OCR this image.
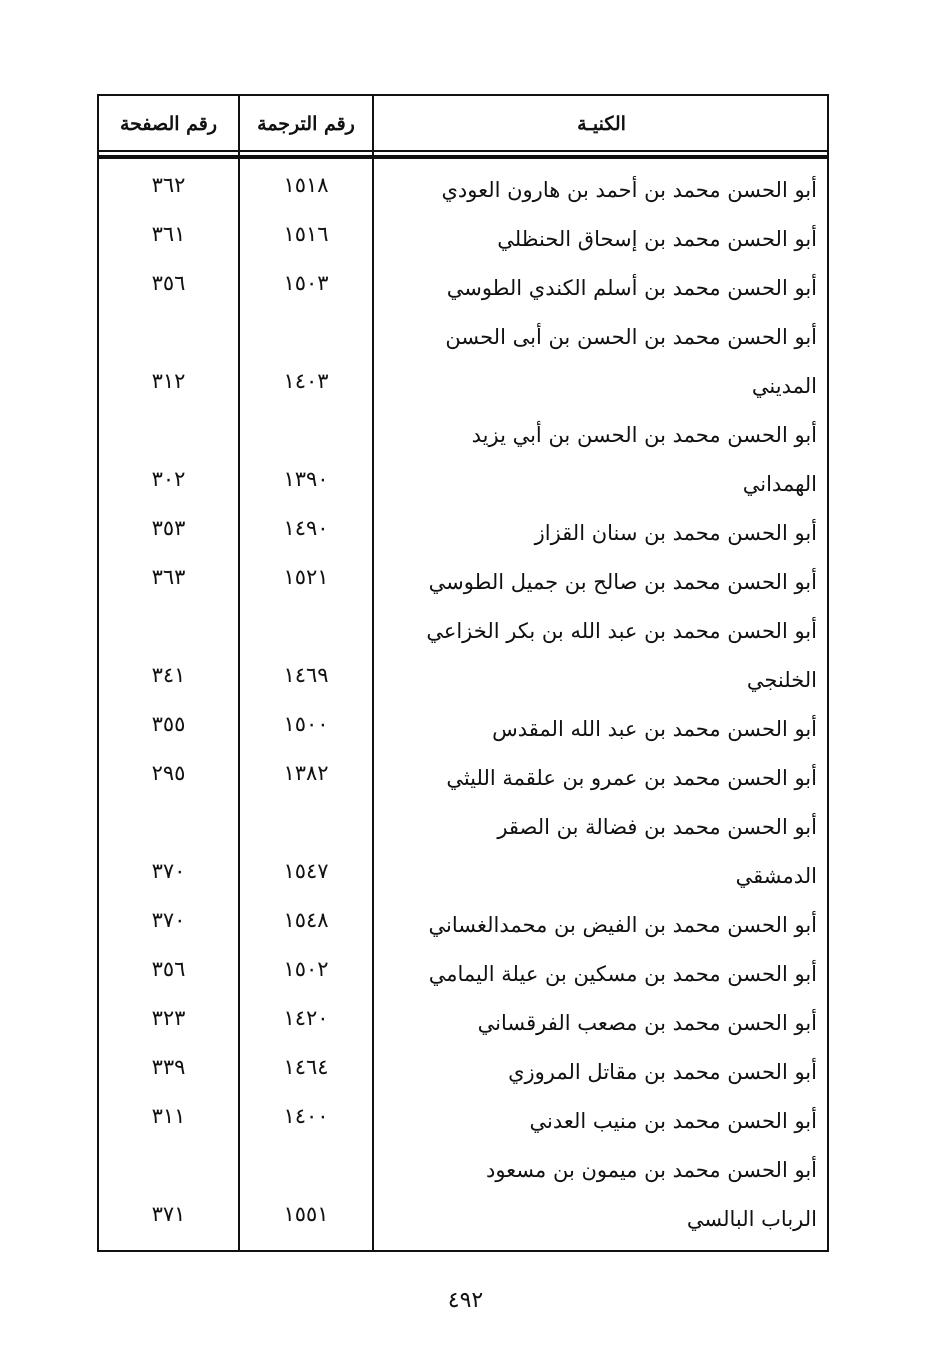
الكنيـة
رقم الترجمة
رقم الصفحة
أبو الحسن محمد بن أحمد بن هارون العودي
١٥١٨
٣٦٢
أبو الحسن محمد بن إسحاق الحنظلي
١٥١٦
٣٦١
أبو الحسن محمد بن أسلم الكندي الطوسي
١٥٠٣
٣٥٦
أبو الحسن محمد بن الحسن بن أبى الحسن
المديني
١٤٠٣
٣١٢
أبو الحسن محمد بن الحسن بن أبي يزيد
الهمداني
١٣٩٠
٣٠٢
أبو الحسن محمد بن سنان القزاز
١٤٩٠
٣٥٣
أبو الحسن محمد بن صالح بن جميل الطوسي
١٥٢١
٣٦٣
أبو الحسن محمد بن عبد الله بن بكر الخزاعي
الخلنجي
١٤٦٩
٣٤١
أبو الحسن محمد بن عبد الله المقدس
١٥٠٠
٣٥٥
أبو الحسن محمد بن عمرو بن علقمة الليثي
١٣٨٢
٢٩٥
أبو الحسن محمد بن فضالة بن الصقر
الدمشقي
١٥٤٧
٣٧٠
أبو الحسن محمد بن الفيض بن محمدالغساني
١٥٤٨
٣٧٠
أبو الحسن محمد بن مسكين بن عيلة اليمامي
١٥٠٢
٣٥٦
أبو الحسن محمد بن مصعب الفرقساني
١٤٢٠
٣٢٣
أبو الحسن محمد بن مقاتل المروزي
١٤٦٤
٣٣٩
أبو الحسن محمد بن منيب العدني
١٤٠٠
٣١١
أبو الحسن محمد بن ميمون بن مسعود
الرباب البالسي
١٥٥١
٣٧١
٤٩٢
